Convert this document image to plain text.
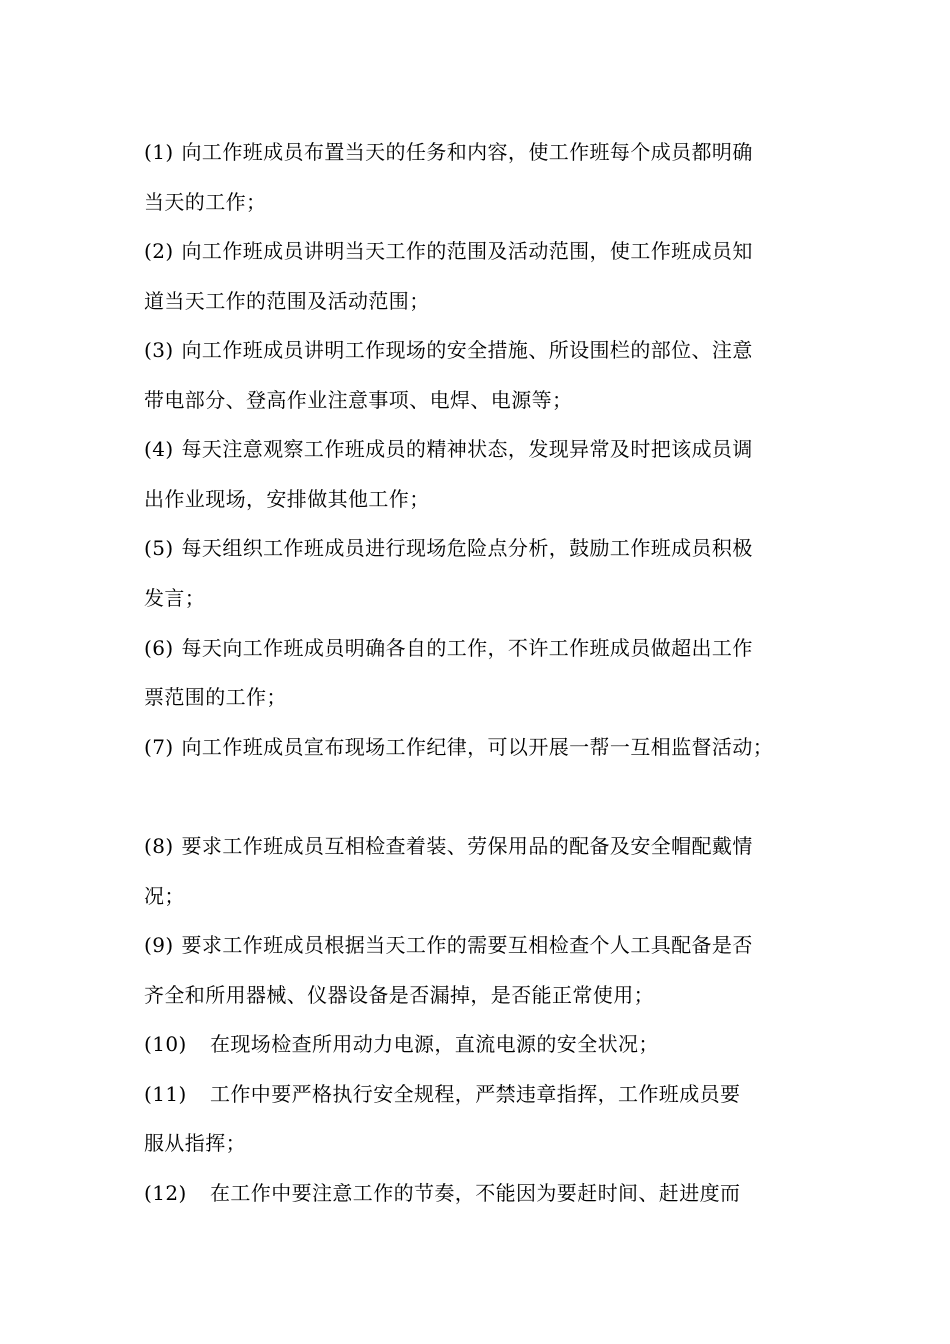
(1) 向工作班成员布置当天的任务和内容，使工作班每个成员都明确
当天的工作；
(2) 向工作班成员讲明当天工作的范围及活动范围，使工作班成员知
道当天工作的范围及活动范围；
(3) 向工作班成员讲明工作现场的安全措施、所设围栏的部位、注意
带电部分、登高作业注意事项、电焊、电源等；
(4) 每天注意观察工作班成员的精神状态，发现异常及时把该成员调
出作业现场，安排做其他工作；
(5) 每天组织工作班成员进行现场危险点分析，鼓励工作班成员积极
发言；
(6) 每天向工作班成员明确各自的工作，不许工作班成员做超出工作
票范围的工作；
(7) 向工作班成员宣布现场工作纪律，可以开展一帮一互相监督活动；
(8) 要求工作班成员互相检查着装、劳保用品的配备及安全帽配戴情
况；
(9) 要求工作班成员根据当天工作的需要互相检查个人工具配备是否
齐全和所用器械、仪器设备是否漏掉，是否能正常使用；
(10) 在现场检查所用动力电源，直流电源的安全状况；
(11) 工作中要严格执行安全规程，严禁违章指挥，工作班成员要
服从指挥；
(12) 在工作中要注意工作的节奏，不能因为要赶时间、赶进度而
